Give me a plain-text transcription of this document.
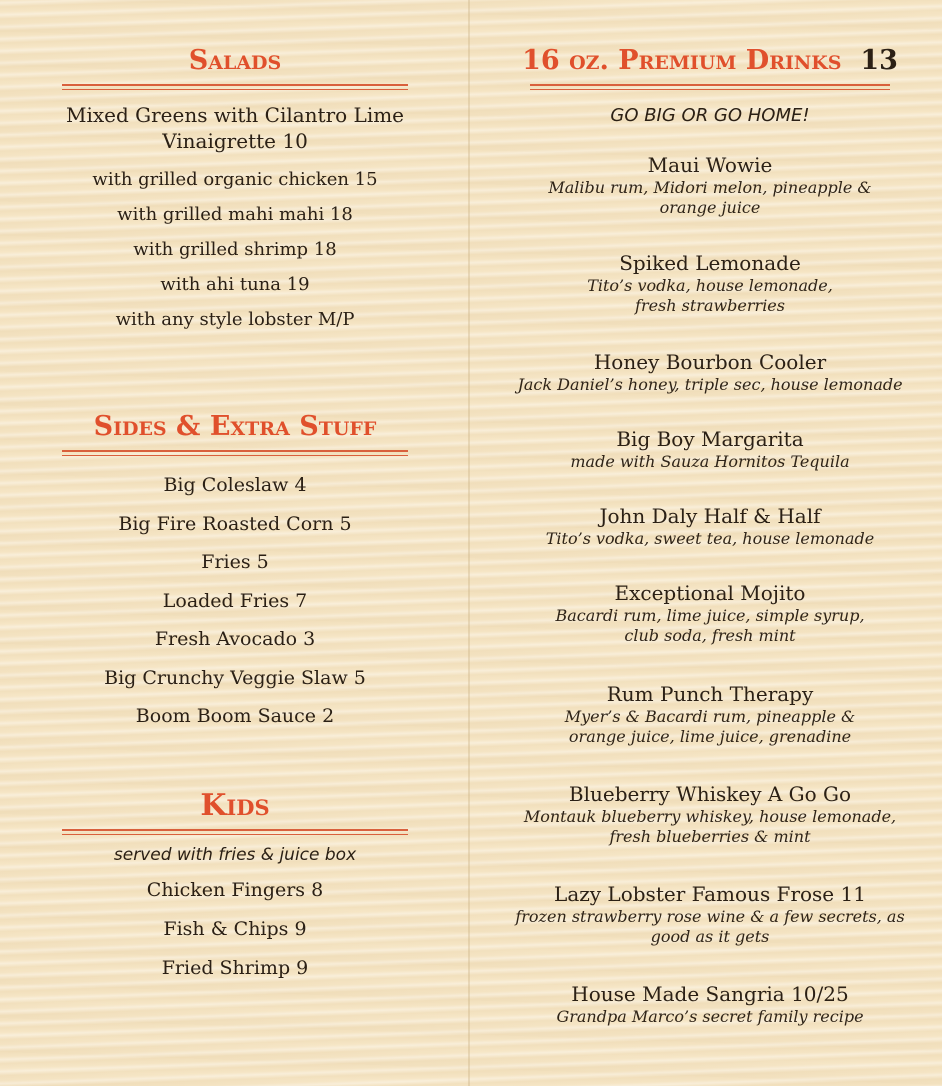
Salads

Mixed Greens with Cilantro Lime Vinaigrette 10

with grilled organic chicken 15

with grilled mahi mahi 18

with grilled shrimp 18

with ahi tuna 19

with any style lobster M/P

Sides & Extra Stuff

Big Coleslaw 4

Big Fire Roasted Corn 5

Fries 5

Loaded Fries 7

Fresh Avocado 3

Big Crunchy Veggie Slaw 5

Boom Boom Sauce 2

Kids

served with fries & juice box

Chicken Fingers 8

Fish & Chips 9

Fried Shrimp 9

16 oz. Premium Drinks 13

GO BIG OR GO HOME!

Maui Wowie

Malibu rum, Midori melon, pineapple & orange juice

Spiked Lemonade

Tito’s vodka, house lemonade, fresh strawberries

Honey Bourbon Cooler

Jack Daniel’s honey, triple sec, house lemonade

Big Boy Margarita

made with Sauza Hornitos Tequila

John Daly Half & Half

Tito’s vodka, sweet tea, house lemonade

Exceptional Mojito

Bacardi rum, lime juice, simple syrup, club soda, fresh mint

Rum Punch Therapy

Myer’s & Bacardi rum, pineapple & orange juice, lime juice, grenadine

Blueberry Whiskey A Go Go

Montauk blueberry whiskey, house lemonade, fresh blueberries & mint

Lazy Lobster Famous Frose 11

frozen strawberry rose wine & a few secrets, as good as it gets

House Made Sangria 10/25

Grandpa Marco’s secret family recipe
